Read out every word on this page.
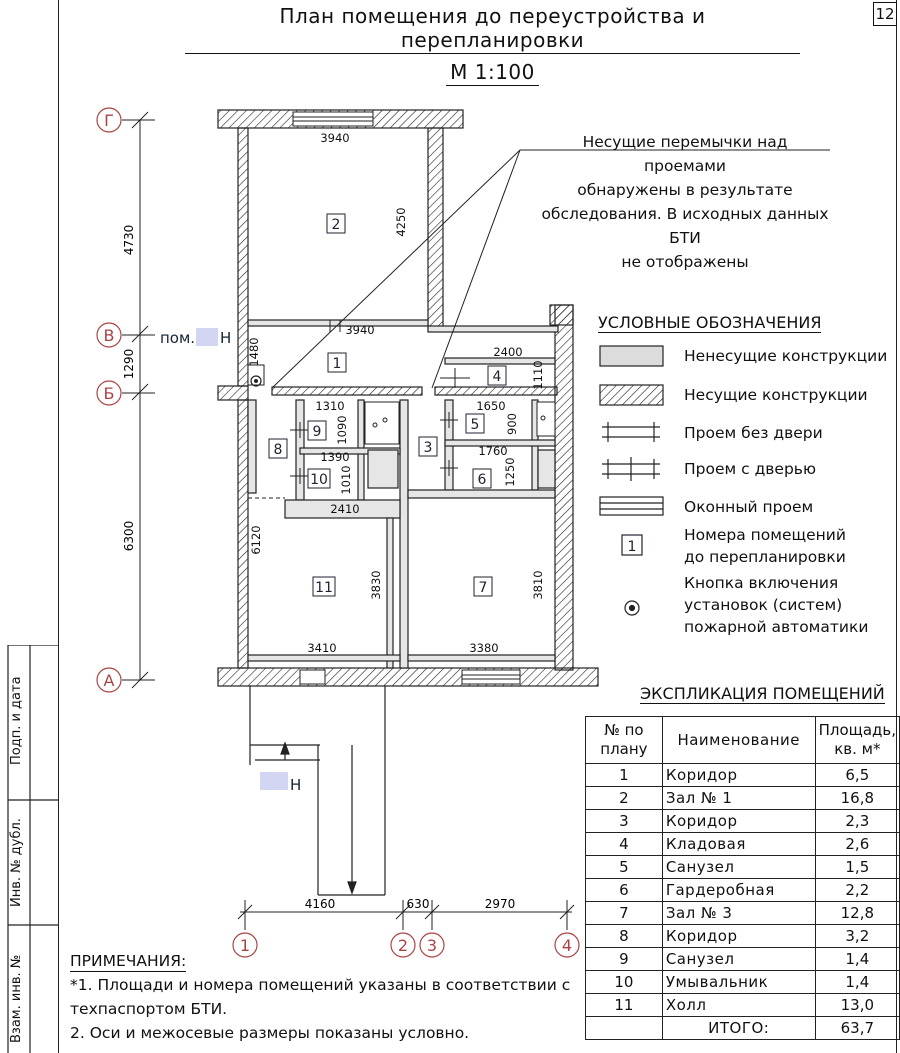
План помещения до переустройства и перепланировки
М 1:100
12
4730
1290
6300
Г
В
Б
А
1	2 3	4
4160	630	2970
3940
4250
3940
1480	2400
1110
1310
1090
1650
900
1390
1010
1760
1250
2410
6120
3830
3410
3810
3380
1
2
3
4
5
6
7
8
9
10
11
пом. Н
Н
1
Несущие перемычки над проемами
обнаружены в результате
обследования. В исходных данных БТИ
не отображены
УСЛОВНЫЕ ОБОЗНАЧЕНИЯ
Ненесущие конструкции
Несущие конструкции
Проем без двери
Проем с дверью
Оконный проем
Номера помещений до перепланировки
Кнопка включения установок (систем) пожарной автоматики
ЭКСПЛИКАЦИЯ ПОМЕЩЕНИЙ
№ по плану	Наименование	Площадь, кв. м*
1	Коридор	6,5
2	Зал № 1	16,8
3	Коридор	2,3
4	Кладовая	2,6
5	Санузел	1,5
6	Гардеробная	2,2
7	Зал № 3	12,8
8	Коридор	3,2
9	Санузел	1,4
10	Умывальник	1,4
11	Холл	13,0
	ИТОГО:	63,7
ПРИМЕЧАНИЯ:
*1. Площади и номера помещений указаны в соответствии с
техпаспортом БТИ.
2. Оси и межосевые размеры показаны условно.
Подп. и дата
Инв. № дубл.
Взам. инв. №
